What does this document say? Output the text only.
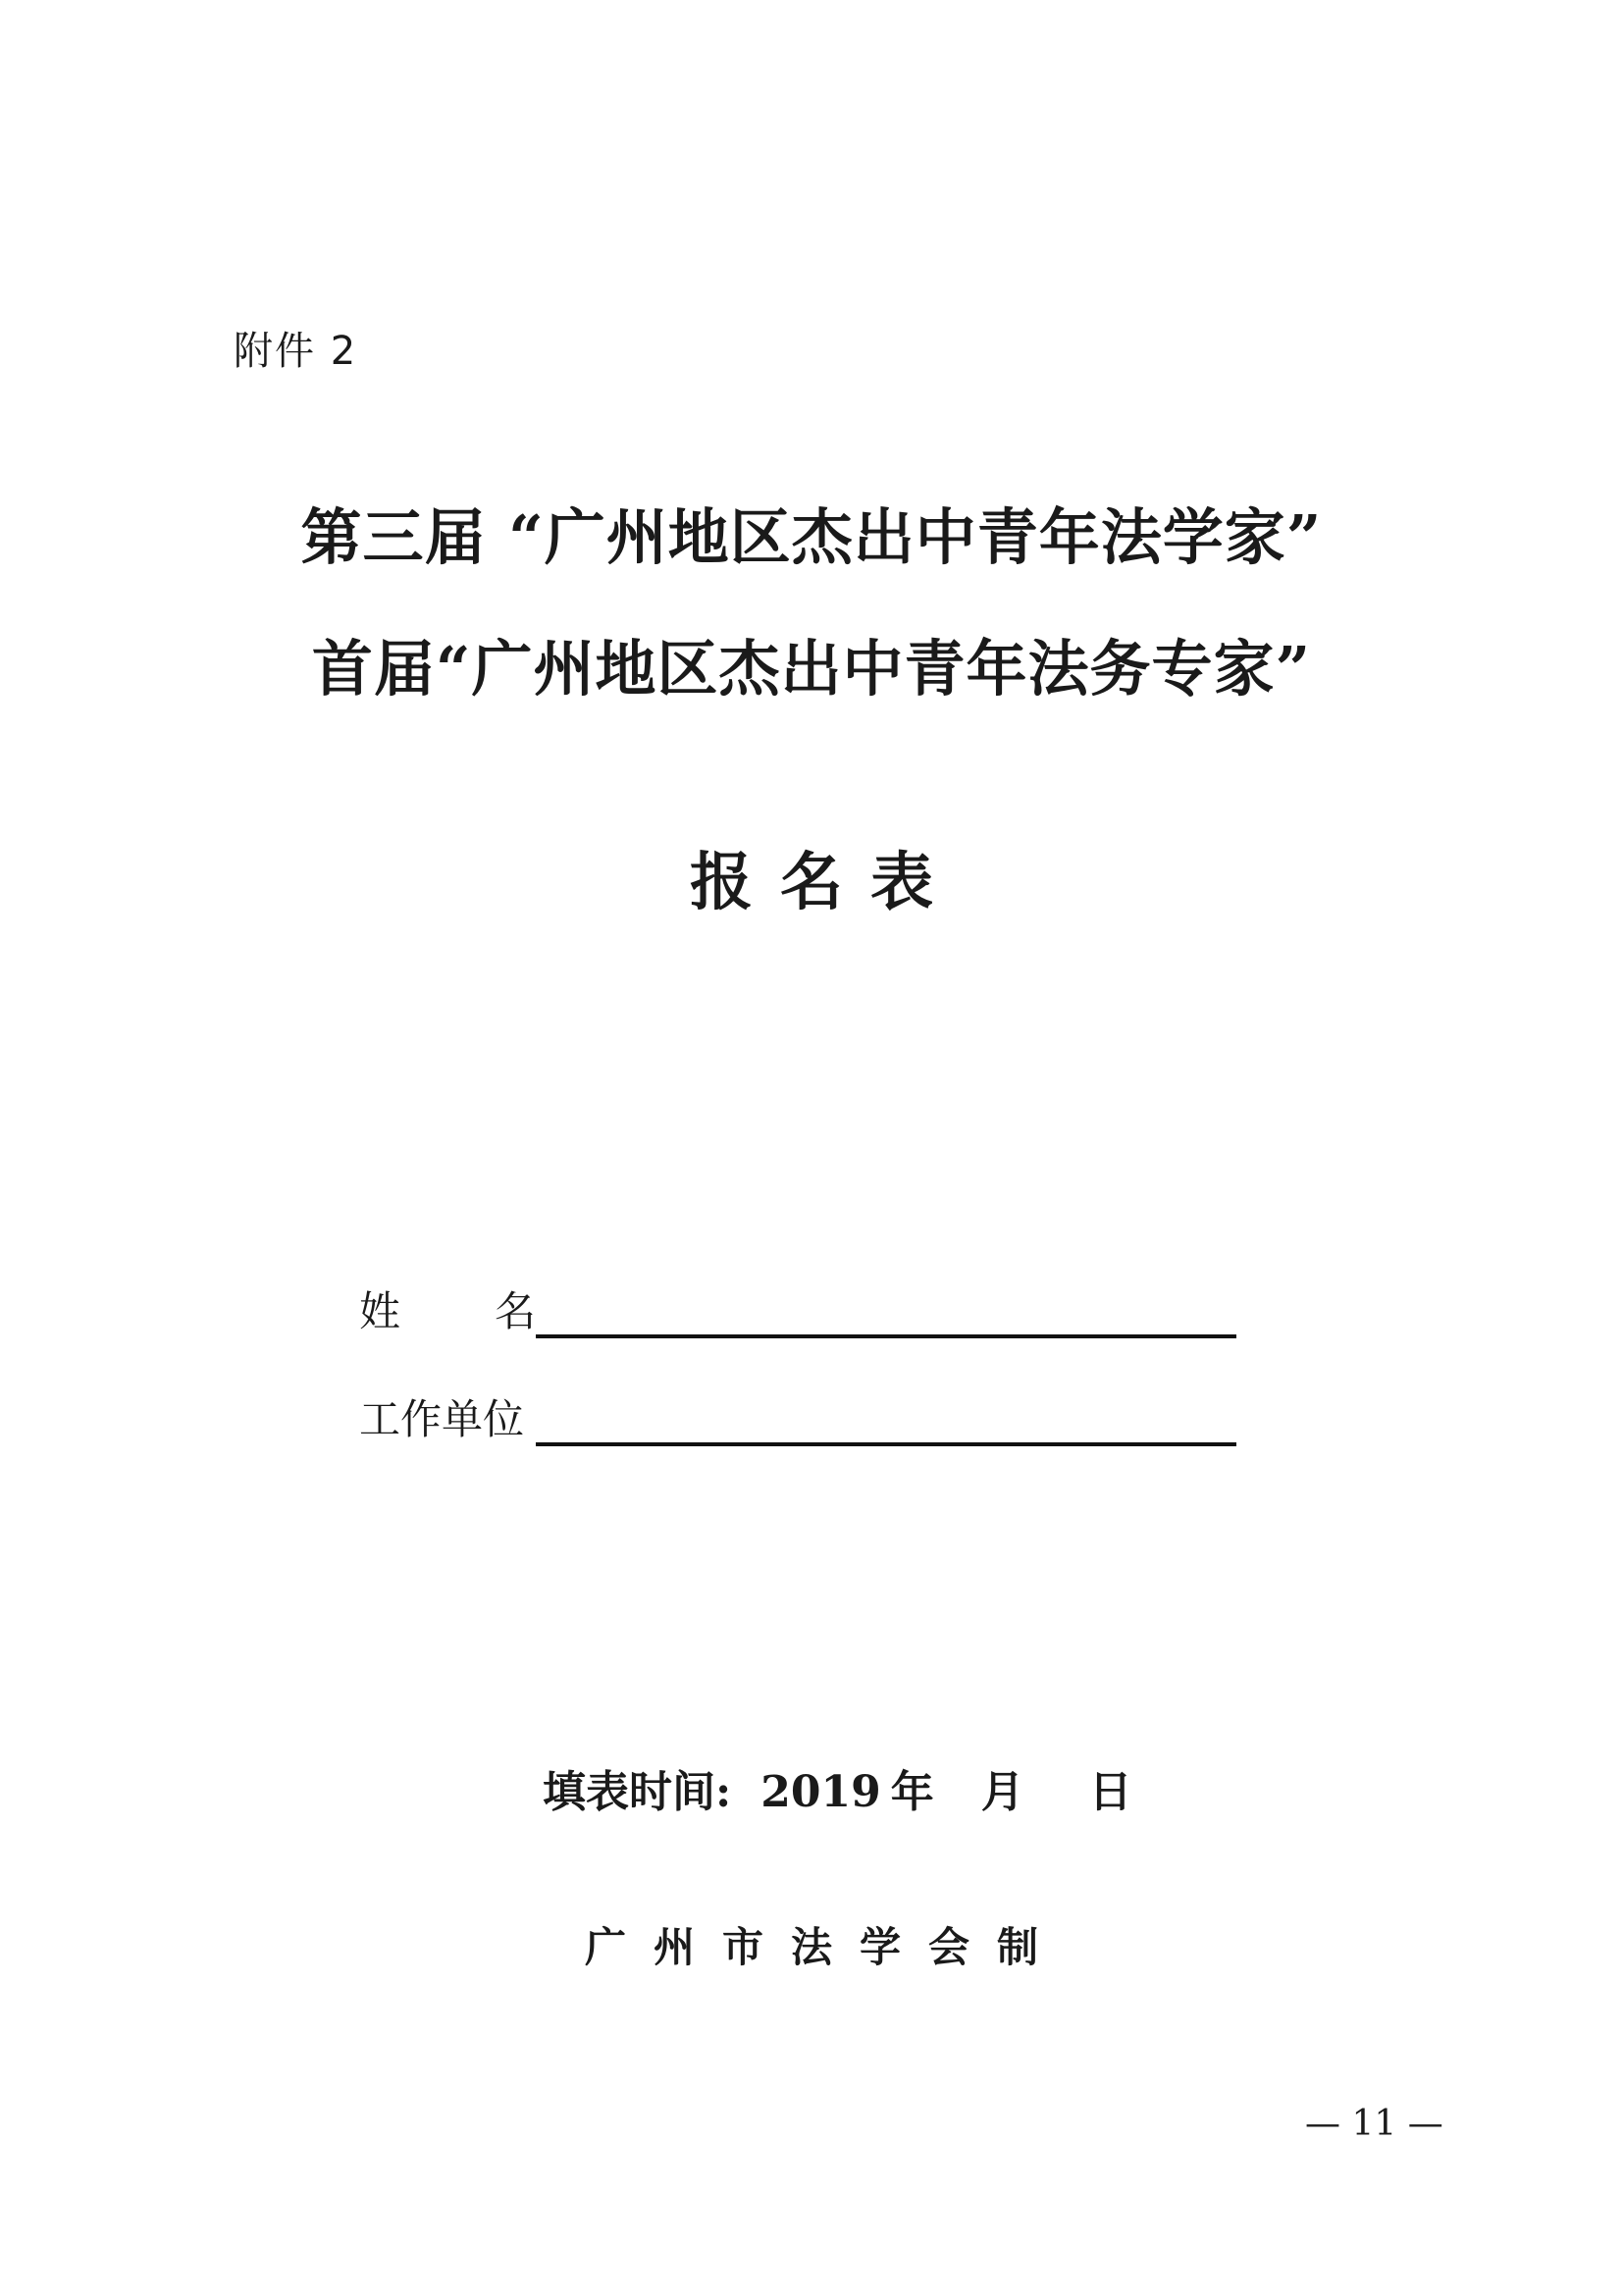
附件 2
第三届 “广州地区杰出中青年法学家”
首届“广州地区杰出中青年法务专家”
报名表
姓 名
工作单位
填表时间: 2019 年 月 日
广州市法学会制
— 11 —
